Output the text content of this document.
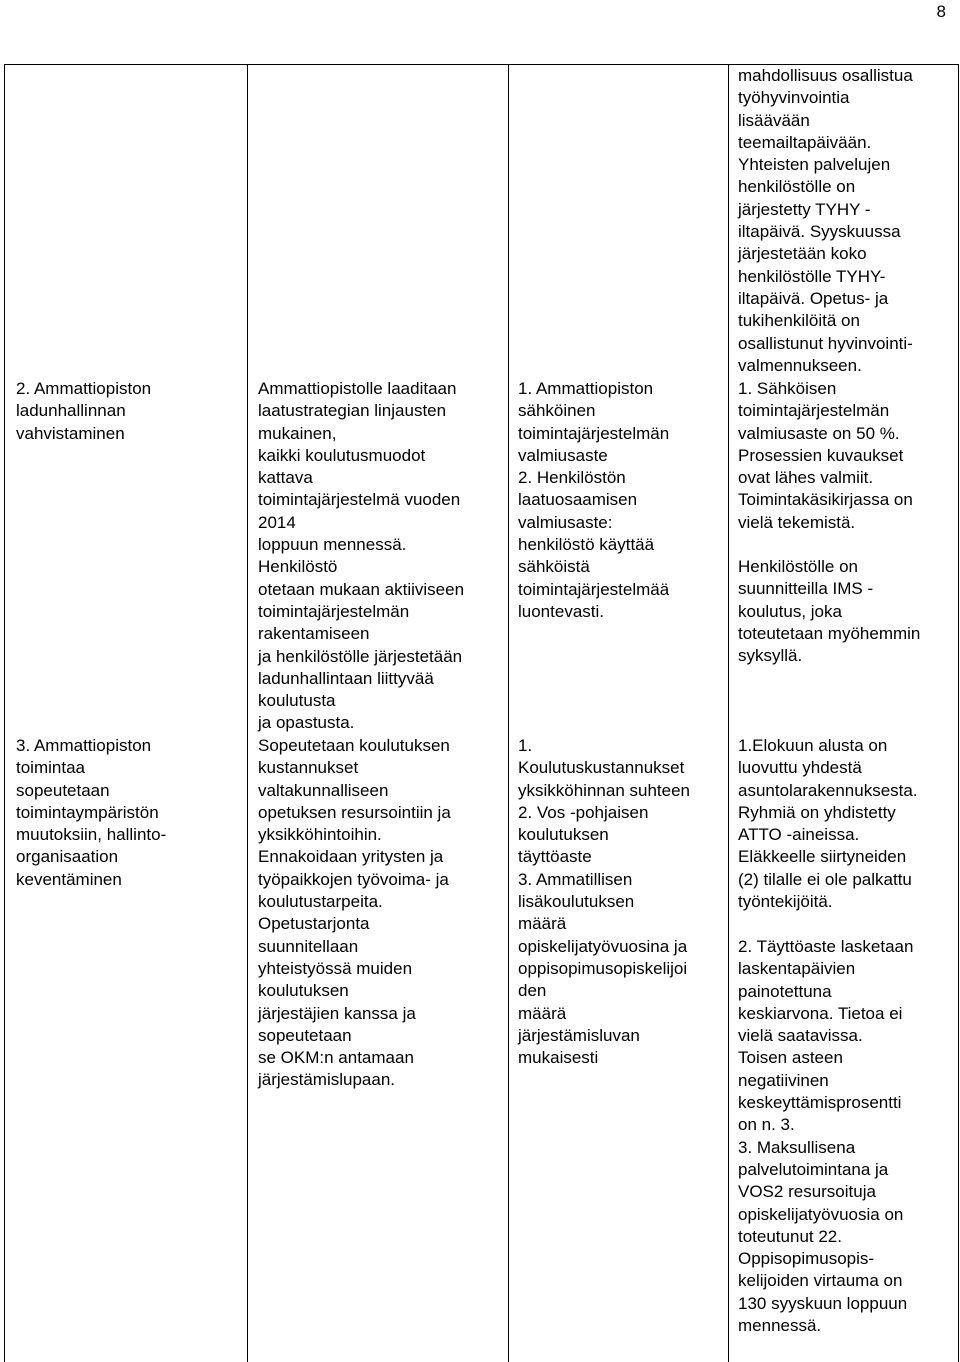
8
2. Ammattiopiston
ladunhallinnan
vahvistaminen
3. Ammattiopiston
toimintaa
sopeutetaan
toimintaympäristön
muutoksiin, hallinto-
organisaation
keventäminen
Ammattiopistolle laaditaan
laatustrategian linjausten
mukainen,
kaikki koulutusmuodot
kattava
toimintajärjestelmä vuoden
2014
loppuun mennessä.
Henkilöstö
otetaan mukaan aktiiviseen
toimintajärjestelmän
rakentamiseen
ja henkilöstölle järjestetään
ladunhallintaan liittyvää
koulutusta
ja opastusta.
Sopeutetaan koulutuksen
kustannukset
valtakunnalliseen
opetuksen resursointiin ja
yksikköhintoihin.
Ennakoidaan yritysten ja
työpaikkojen työvoima- ja
koulutustarpeita.
Opetustarjonta
suunnitellaan
yhteistyössä muiden
koulutuksen
järjestäjien kanssa ja
sopeutetaan
se OKM:n antamaan
järjestämislupaan.
1. Ammattiopiston
sähköinen
toimintajärjestelmän
valmiusaste
2. Henkilöstön
laatuosaamisen
valmiusaste:
henkilöstö käyttää
sähköistä
toimintajärjestelmää
luontevasti.
1.
Koulutuskustannukset
yksikköhinnan suhteen
2. Vos -pohjaisen
koulutuksen
täyttöaste
3. Ammatillisen
lisäkoulutuksen
määrä
opiskelijatyövuosina ja
oppisopimusopiskelijoi
den
määrä
järjestämisluvan
mukaisesti
mahdollisuus osallistua
työhyvinvointia
lisäävään
teemailtapäivään.
Yhteisten palvelujen
henkilöstölle on
järjestetty TYHY -
iltapäivä. Syyskuussa
järjestetään koko
henkilöstölle TYHY-
iltapäivä. Opetus- ja
tukihenkilöitä on
osallistunut hyvinvointi-
valmennukseen.
1. Sähköisen
toimintajärjestelmän
valmiusaste on 50 %.
Prosessien kuvaukset
ovat lähes valmiit.
Toimintakäsikirjassa on
vielä tekemistä.
Henkilöstölle on
suunnitteilla IMS -
koulutus, joka
toteutetaan myöhemmin
syksyllä.
1.Elokuun alusta on
luovuttu yhdestä
asuntolarakennuksesta.
Ryhmiä on yhdistetty
ATTO -aineissa.
Eläkkeelle siirtyneiden
(2) tilalle ei ole palkattu
työntekijöitä.
2. Täyttöaste lasketaan
laskentapäivien
painotettuna
keskiarvona. Tietoa ei
vielä saatavissa.
Toisen asteen
negatiivinen
keskeyttämisprosentti
on n. 3.
3. Maksullisena
palvelutoimintana ja
VOS2 resursoituja
opiskelijatyövuosia on
toteutunut 22.
Oppisopimusopis-
kelijoiden virtauma on
130 syyskuun loppuun
mennessä.
